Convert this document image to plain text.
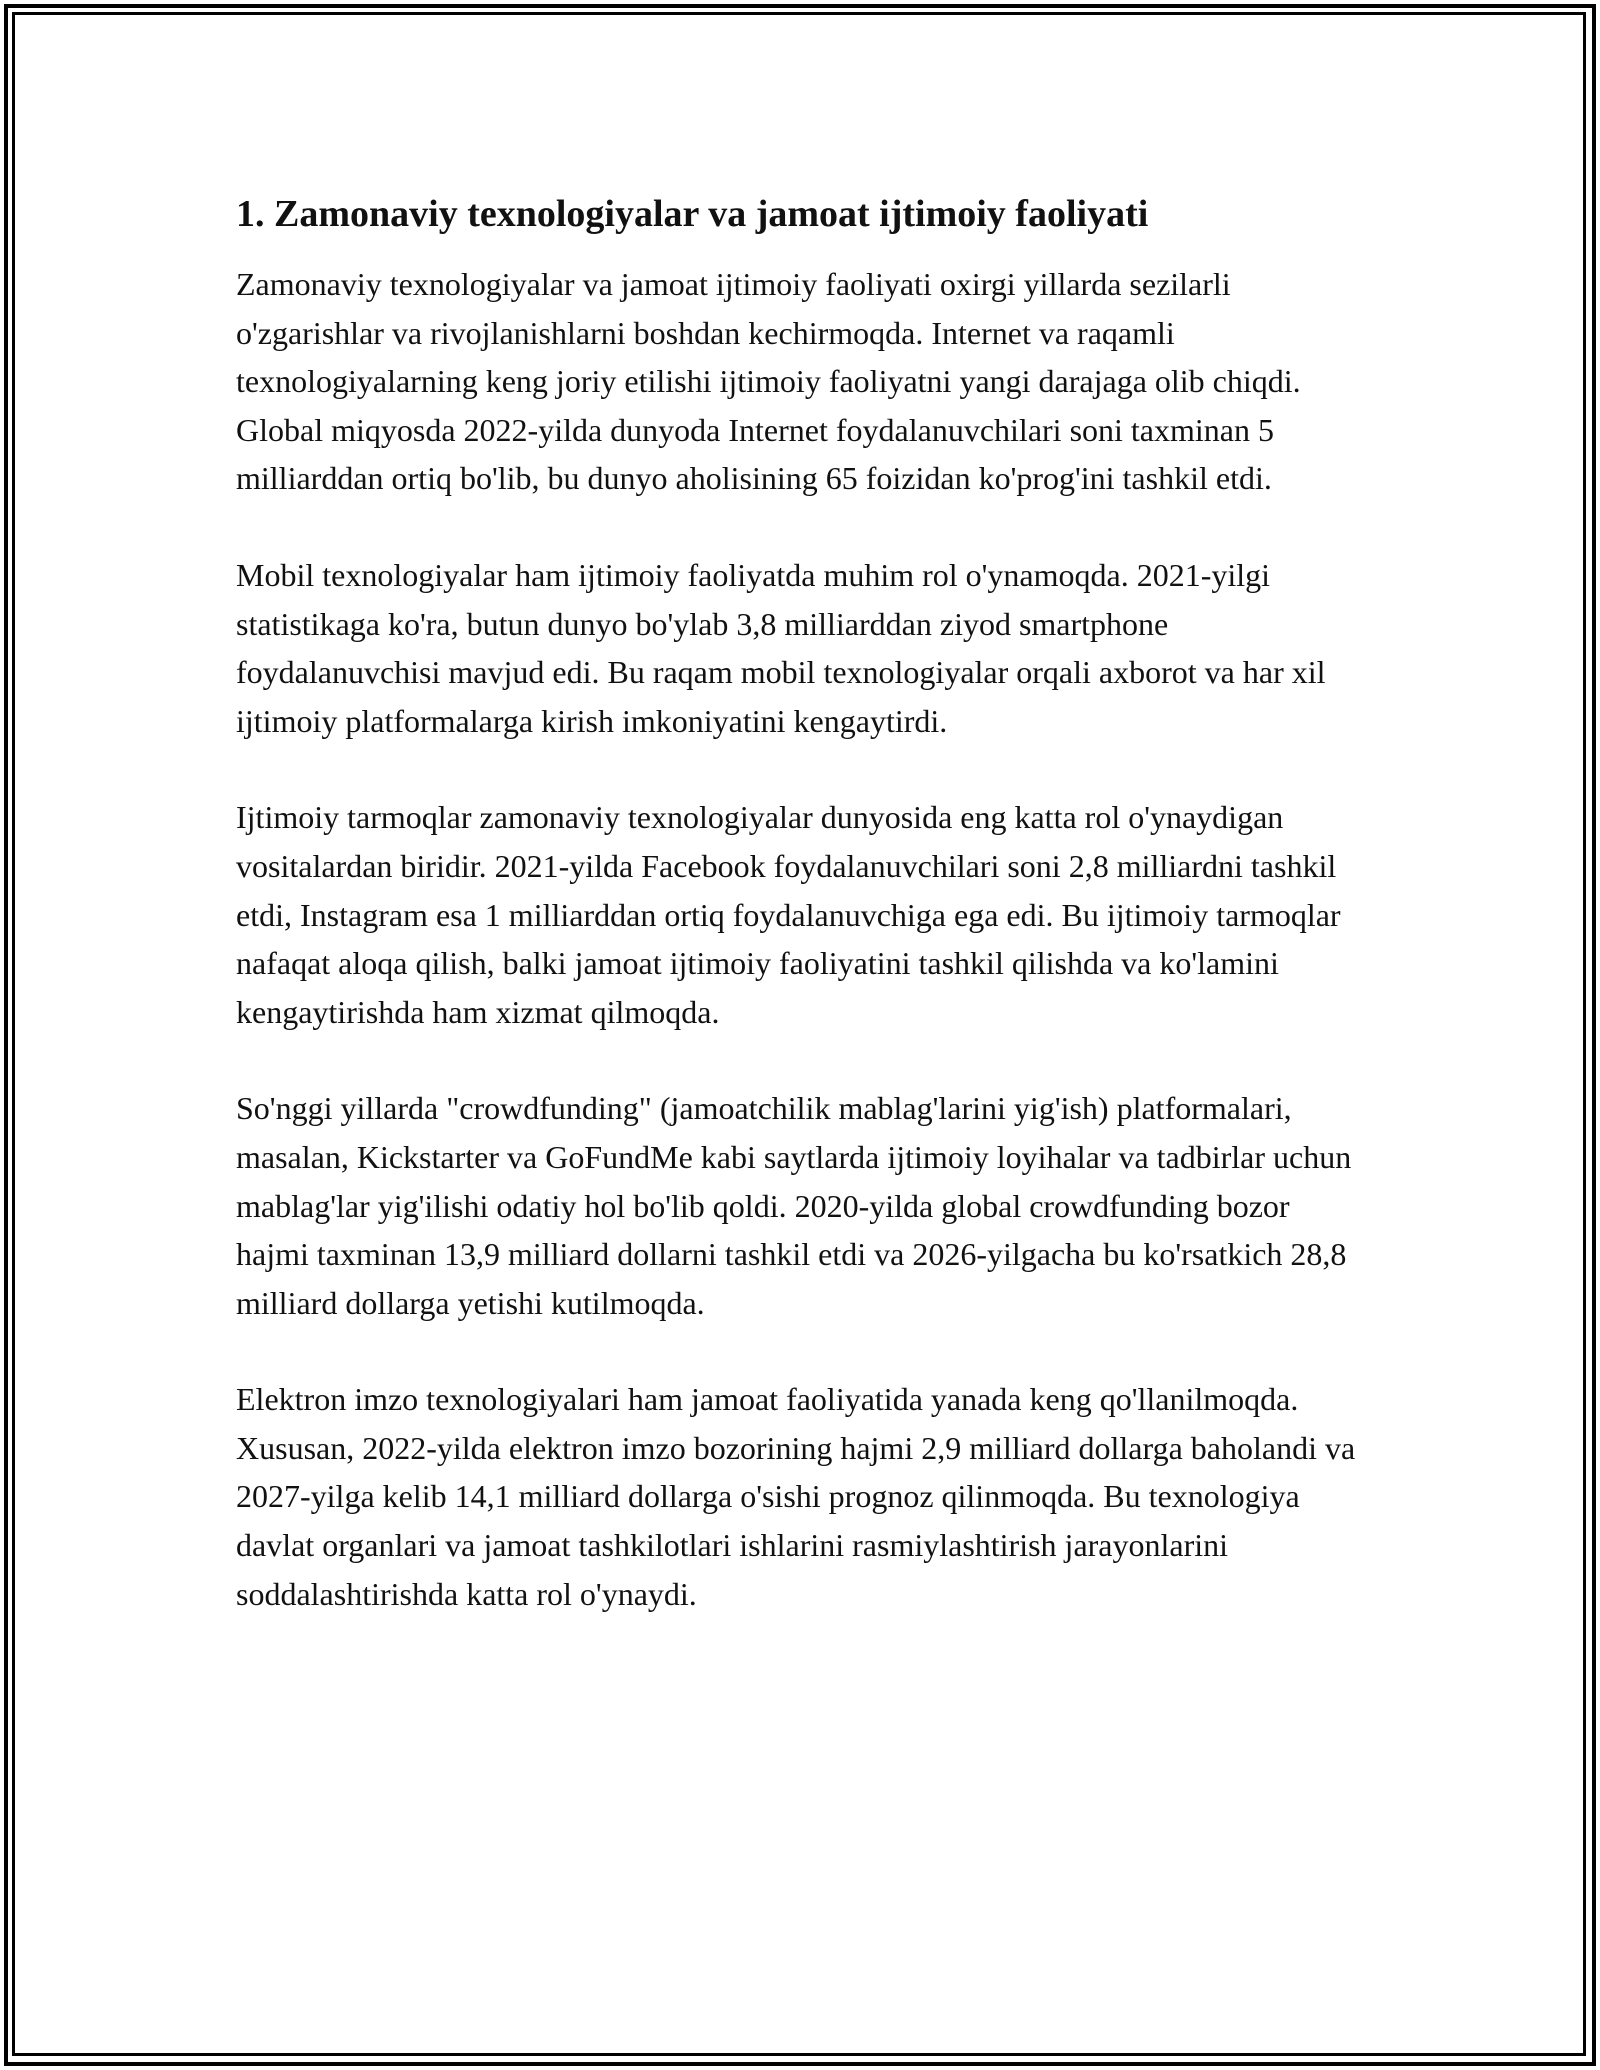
1. Zamonaviy texnologiyalar va jamoat ijtimoiy faoliyati

Zamonaviy texnologiyalar va jamoat ijtimoiy faoliyati oxirgi yillarda sezilarli o'zgarishlar va rivojlanishlarni boshdan kechirmoqda. Internet va raqamli texnologiyalarning keng joriy etilishi ijtimoiy faoliyatni yangi darajaga olib chiqdi. Global miqyosda 2022-yilda dunyoda Internet foydalanuvchilari soni taxminan 5 milliarddan ortiq bo'lib, bu dunyo aholisining 65 foizidan ko'prog'ini tashkil etdi.

Mobil texnologiyalar ham ijtimoiy faoliyatda muhim rol o'ynamoqda. 2021-yilgi statistikaga ko'ra, butun dunyo bo'ylab 3,8 milliarddan ziyod smartphone foydalanuvchisi mavjud edi. Bu raqam mobil texnologiyalar orqali axborot va har xil ijtimoiy platformalarga kirish imkoniyatini kengaytirdi.

Ijtimoiy tarmoqlar zamonaviy texnologiyalar dunyosida eng katta rol o'ynaydigan vositalardan biridir. 2021-yilda Facebook foydalanuvchilari soni 2,8 milliardni tashkil etdi, Instagram esa 1 milliarddan ortiq foydalanuvchiga ega edi. Bu ijtimoiy tarmoqlar nafaqat aloqa qilish, balki jamoat ijtimoiy faoliyatini tashkil qilishda va ko'lamini kengaytirishda ham xizmat qilmoqda.

So'nggi yillarda "crowdfunding" (jamoatchilik mablag'larini yig'ish) platformalari, masalan, Kickstarter va GoFundMe kabi saytlarda ijtimoiy loyihalar va tadbirlar uchun mablag'lar yig'ilishi odatiy hol bo'lib qoldi. 2020-yilda global crowdfunding bozor hajmi taxminan 13,9 milliard dollarni tashkil etdi va 2026-yilgacha bu ko'rsatkich 28,8 milliard dollarga yetishi kutilmoqda.

Elektron imzo texnologiyalari ham jamoat faoliyatida yanada keng qo'llanilmoqda. Xususan, 2022-yilda elektron imzo bozorining hajmi 2,9 milliard dollarga baholandi va 2027-yilga kelib 14,1 milliard dollarga o'sishi prognoz qilinmoqda. Bu texnologiya davlat organlari va jamoat tashkilotlari ishlarini rasmiylashtirish jarayonlarini soddalashtirishda katta rol o'ynaydi.
